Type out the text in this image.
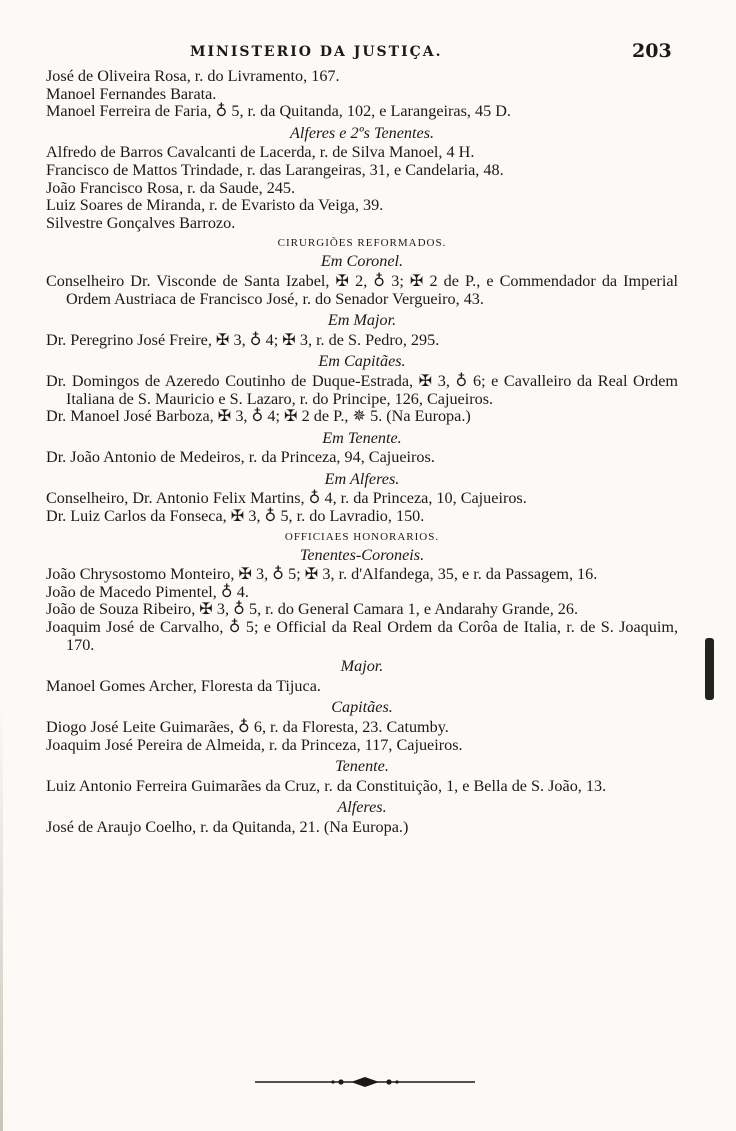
MINISTERIO DA JUSTIÇA.	203

José de Oliveira Rosa, r. do Livramento, 167.

Manoel Fernandes Barata.

Manoel Ferreira de Faria, ♁ 5, r. da Quitanda, 102, e Larangeiras, 45 D.

Alferes e 2ºs Tenentes.

Alfredo de Barros Cavalcanti de Lacerda, r. de Silva Manoel, 4 H.

Francisco de Mattos Trindade, r. das Larangeiras, 31, e Candelaria, 48.

João Francisco Rosa, r. da Saude, 245.

Luiz Soares de Miranda, r. de Evaristo da Veiga, 39.

Silvestre Gonçalves Barrozo.

CIRURGIÕES REFORMADOS.

Em Coronel.

Conselheiro Dr. Visconde de Santa Izabel, ✠ 2, ♁ 3; ✠ 2 de P., e Commendador da Imperial Ordem Austriaca de Francisco José, r. do Senador Vergueiro, 43.

Em Major.

Dr. Peregrino José Freire, ✠ 3, ♁ 4; ✠ 3, r. de S. Pedro, 295.

Em Capitães.

Dr. Domingos de Azeredo Coutinho de Duque-Estrada, ✠ 3, ♁ 6; e Cavalleiro da Real Ordem Italiana de S. Mauricio e S. Lazaro, r. do Principe, 126, Cajueiros.

Dr. Manoel José Barboza, ✠ 3, ♁ 4; ✠ 2 de P., ✵ 5. (Na Europa.)

Em Tenente.

Dr. João Antonio de Medeiros, r. da Princeza, 94, Cajueiros.

Em Alferes.

Conselheiro, Dr. Antonio Felix Martins, ♁ 4, r. da Princeza, 10, Cajueiros.

Dr. Luiz Carlos da Fonseca, ✠ 3, ♁ 5, r. do Lavradio, 150.

OFFICIAES HONORARIOS.

Tenentes-Coroneis.

João Chrysostomo Monteiro, ✠ 3, ♁ 5; ✠ 3, r. d'Alfandega, 35, e r. da Passagem, 16.

João de Macedo Pimentel, ♁ 4.

João de Souza Ribeiro, ✠ 3, ♁ 5, r. do General Camara 1, e Andarahy Grande, 26.

Joaquim José de Carvalho, ♁ 5; e Official da Real Ordem da Corôa de Italia, r. de S. Joaquim, 170.

Major.

Manoel Gomes Archer, Floresta da Tijuca.

Capitães.

Diogo José Leite Guimarães, ♁ 6, r. da Floresta, 23. Catumby.

Joaquim José Pereira de Almeida, r. da Princeza, 117, Cajueiros.

Tenente.

Luiz Antonio Ferreira Guimarães da Cruz, r. da Constituição, 1, e Bella de S. João, 13.

Alferes.

José de Araujo Coelho, r. da Quitanda, 21. (Na Europa.)
